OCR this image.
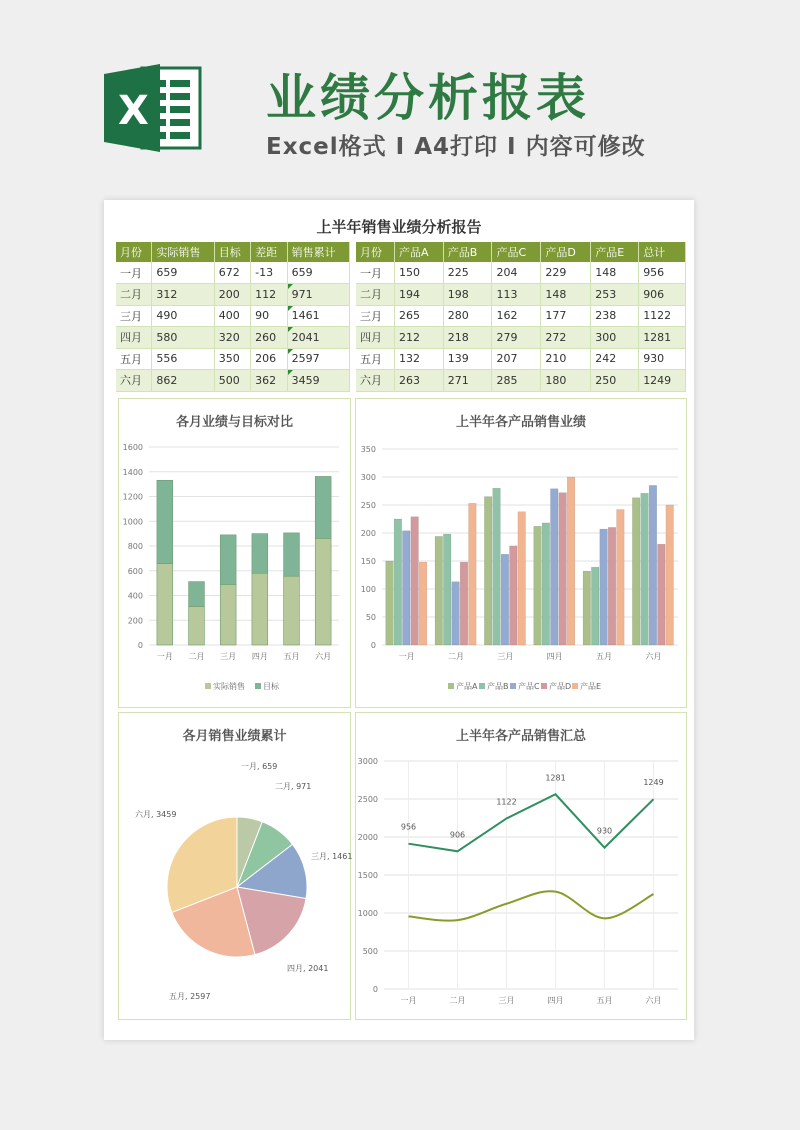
X 业绩分析报表
Excel格式 I A4打印 I 内容可修改
上半年销售业绩分析报告
月份	实际销售	目标	差距	销售累计
一月	659	672	-13	659
二月	312	200	112	971

三月	490	400	90	1461

四月	580	320	260	2041

五月	556	350	206	2597

六月	862	500	362	3459
月份	产品A	产品B	产品C	产品D	产品E	总计
一月	150	225	204	229	148	956
二月	194	198	113	148	253	906
三月	265	280	162	177	238	1122
四月	212	218	279	272	300	1281
五月	132	139	207	210	242	930
六月	263	271	285	180	250	1249
各月业绩与目标对比
0
200
400
600
800
1000
1200
1400
1600
一月 二月 三月 四月 五月 六月
实际销售 目标
上半年各产品销售业绩
0
50
100
150
200
250
300
350
一月	二月	三月	四月	五月	六月
产品A 产品B 产品C 产品D 产品E
各月销售业绩累计
一月, 659
二月, 971
三月, 1461
四月, 2041
五月, 2597
六月, 3459
上半年各产品销售汇总
0
500
1000
1500
2000
2500
3000
一月	二月	三月	四月	五月	六月
956
906
1122
1281
930
1249
